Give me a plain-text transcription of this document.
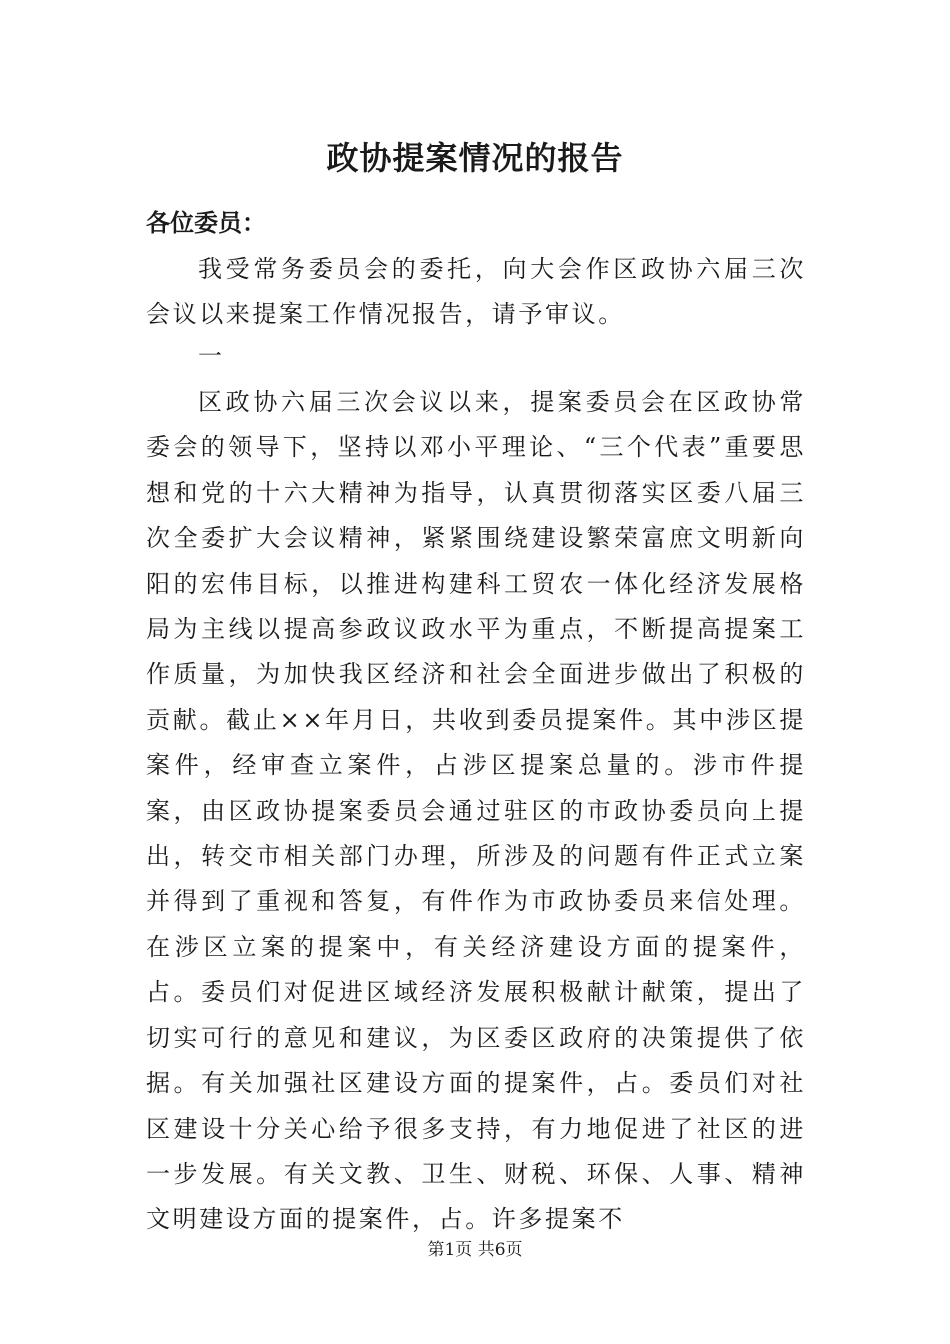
政协提案情况的报告
各位委员：

我受常务委员会的委托，向大会作区政协六届三次会议以来提案工作情况报告，请予审议。

一

区政协六届三次会议以来，提案委员会在区政协常委会的领导下，坚持以邓小平理论、“三个代表”重要思想和党的十六大精神为指导，认真贯彻落实区委八届三次全委扩大会议精神，紧紧围绕建设繁荣富庶文明新向阳的宏伟目标，以推进构建科工贸农一体化经济发展格局为主线以提高参政议政水平为重点，不断提高提案工作质量，为加快我区经济和社会全面进步做出了积极的贡献。截止××年月日，共收到委员提案件。其中涉区提案件，经审查立案件，占涉区提案总量的。涉市件提案，由区政协提案委员会通过驻区的市政协委员向上提出，转交市相关部门办理，所涉及的问题有件正式立案并得到了重视和答复，有件作为市政协委员来信处理。在涉区立案的提案中，有关经济建设方面的提案件，占。委员们对促进区域经济发展积极献计献策，提出了切实可行的意见和建议，为区委区政府的决策提供了依据。有关加强社区建设方面的提案件，占。委员们对社区建设十分关心给予很多支持，有力地促进了社区的进一步发展。有关文教、卫生、财税、环保、人事、精神文明建设方面的提案件，占。许多提案不

第1页 共6页
